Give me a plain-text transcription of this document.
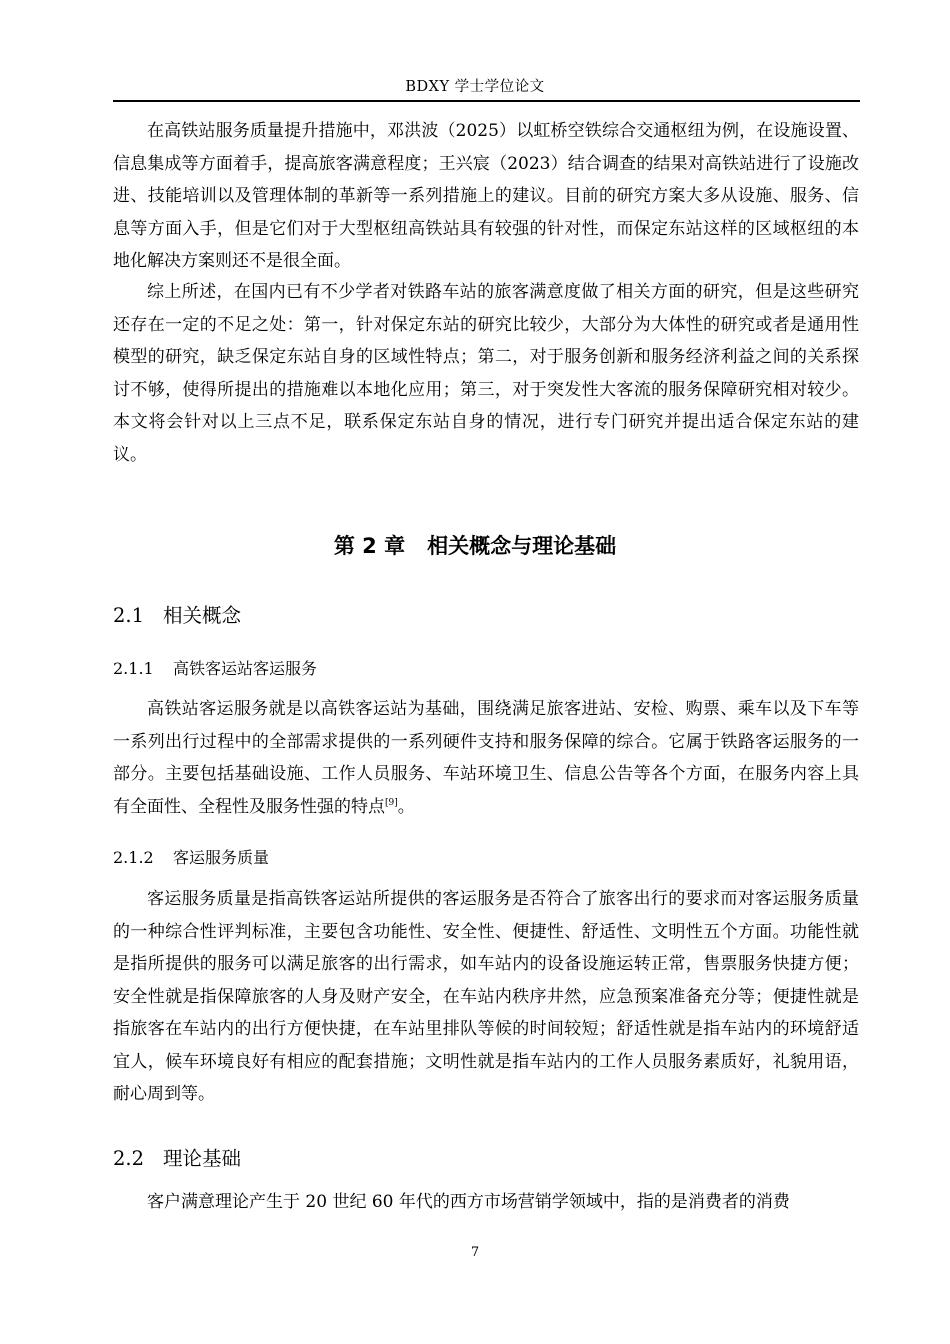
BDXY 学士学位论文

在高铁站服务质量提升措施中，邓洪波（2025）以虹桥空铁综合交通枢纽为例，在设施设置、信息集成等方面着手，提高旅客满意程度；王兴宸（2023）结合调查的结果对高铁站进行了设施改进、技能培训以及管理体制的革新等一系列措施上的建议。目前的研究方案大多从设施、服务、信息等方面入手，但是它们对于大型枢纽高铁站具有较强的针对性，而保定东站这样的区域枢纽的本地化解决方案则还不是很全面。

综上所述，在国内已有不少学者对铁路车站的旅客满意度做了相关方面的研究，但是这些研究还存在一定的不足之处：第一，针对保定东站的研究比较少，大部分为大体性的研究或者是通用性模型的研究，缺乏保定东站自身的区域性特点；第二，对于服务创新和服务经济利益之间的关系探讨不够，使得所提出的措施难以本地化应用；第三，对于突发性大客流的服务保障研究相对较少。本文将会针对以上三点不足，联系保定东站自身的情况，进行专门研究并提出适合保定东站的建议。

第 2 章 相关概念与理论基础
2.1 相关概念
2.1.1 高铁客运站客运服务

高铁站客运服务就是以高铁客运站为基础，围绕满足旅客进站、安检、购票、乘车以及下车等一系列出行过程中的全部需求提供的一系列硬件支持和服务保障的综合。它属于铁路客运服务的一部分。主要包括基础设施、工作人员服务、车站环境卫生、信息公告等各个方面，在服务内容上具有全面性、全程性及服务性强的特点[9]。

2.1.2 客运服务质量

客运服务质量是指高铁客运站所提供的客运服务是否符合了旅客出行的要求而对客运服务质量的一种综合性评判标准，主要包含功能性、安全性、便捷性、舒适性、文明性五个方面。功能性就是指所提供的服务可以满足旅客的出行需求，如车站内的设备设施运转正常，售票服务快捷方便；安全性就是指保障旅客的人身及财产安全，在车站内秩序井然，应急预案准备充分等；便捷性就是指旅客在车站内的出行方便快捷，在车站里排队等候的时间较短；舒适性就是指车站内的环境舒适宜人，候车环境良好有相应的配套措施；文明性就是指车站内的工作人员服务素质好，礼貌用语，耐心周到等。

2.2 理论基础

客户满意理论产生于 20 世纪 60 年代的西方市场营销学领域中，指的是消费者的消费

7
